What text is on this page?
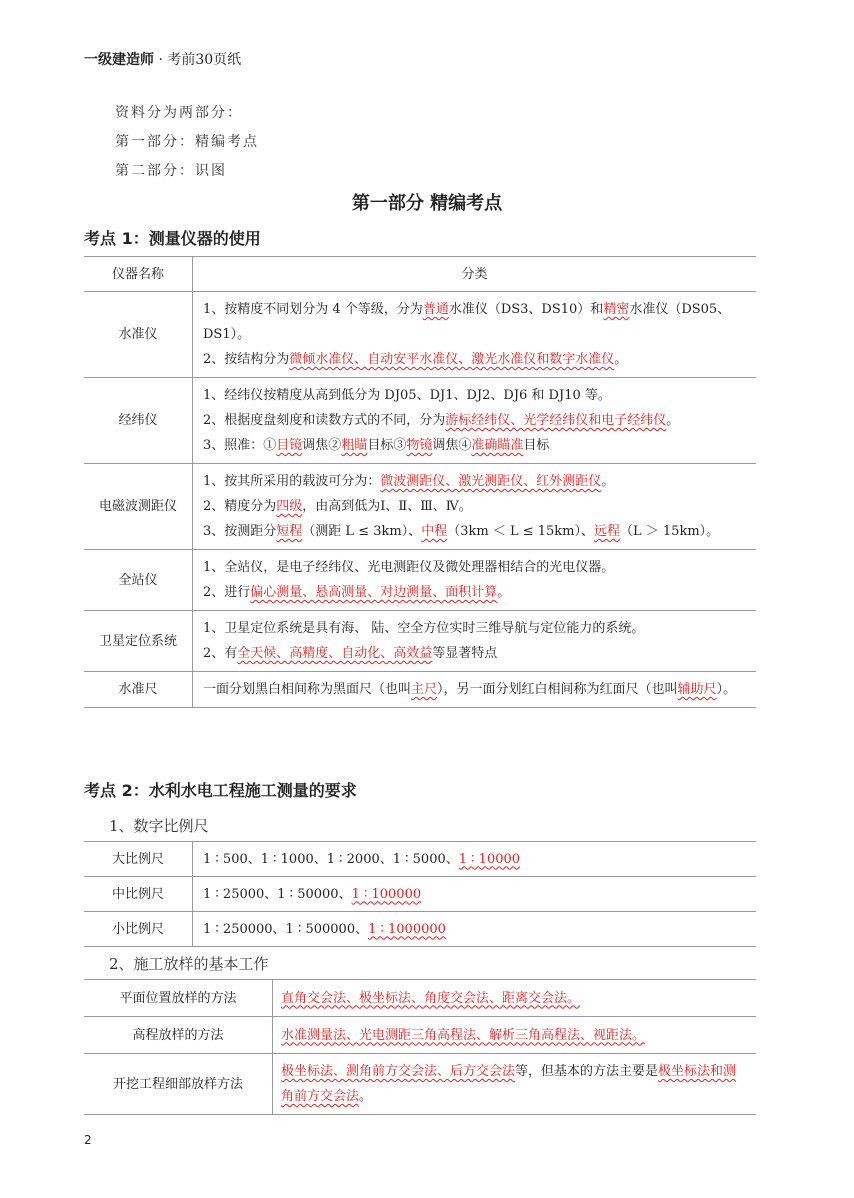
一级建造师 · 考前30页纸
资料分为两部分：
第一部分：精编考点
第二部分：识图
第一部分 精编考点
考点 1：测量仪器的使用
仪器名称	分类
水准仪	1、按精度不同划分为 4 个等级，分为普通水准仪（DS3、DS10）和精密水准仪（DS05、DS1）。
2、按结构分为微倾水准仪、自动安平水准仪、激光水准仪和数字水准仪。
经纬仪	1、经纬仪按精度从高到低分为 DJ05、DJ1、DJ2、DJ6 和 DJ10 等。
2、根据度盘刻度和读数方式的不同，分为游标经纬仪、光学经纬仪和电子经纬仪。
3、照准：①目镜调焦②粗瞄目标③物镜调焦④准确瞄准目标
电磁波测距仪	1、按其所采用的载波可分为：微波测距仪、激光测距仪、红外测距仪。
2、精度分为四级，由高到低为Ⅰ、Ⅱ、Ⅲ、Ⅳ。
3、按测距分短程（测距 L ≤ 3km）、中程（3km ＜ L ≤ 15km）、远程（L ＞ 15km）。
全站仪	1、全站仪，是电子经纬仪、光电测距仪及微处理器相结合的光电仪器。
2、进行偏心测量、悬高测量、对边测量、面积计算。
卫星定位系统	1、卫星定位系统是具有海、 陆、空全方位实时三维导航与定位能力的系统。
2、有全天候、高精度、自动化、高效益等显著特点
水准尺	一面分划黑白相间称为黑面尺（也叫主尺），另一面分划红白相间称为红面尺（也叫辅助尺）。
考点 2：水利水电工程施工测量的要求
1、数字比例尺
大比例尺	1 ∶ 500、1 ∶ 1000、1 ∶ 2000、1 ∶ 5000、1 ∶ 10000
中比例尺	1 ∶ 25000、1 ∶ 50000、1 ∶ 100000
小比例尺	1 ∶ 250000、1 ∶ 500000、1 ∶ 1000000
2、施工放样的基本工作
平面位置放样的方法	直角交会法、极坐标法、角度交会法、距离交会法。
高程放样的方法	水准测量法、光电测距三角高程法、解析三角高程法、视距法。
开挖工程细部放样方法	极坐标法、测角前方交会法、后方交会法等，但基本的方法主要是极坐标法和测角前方交会法。
2
